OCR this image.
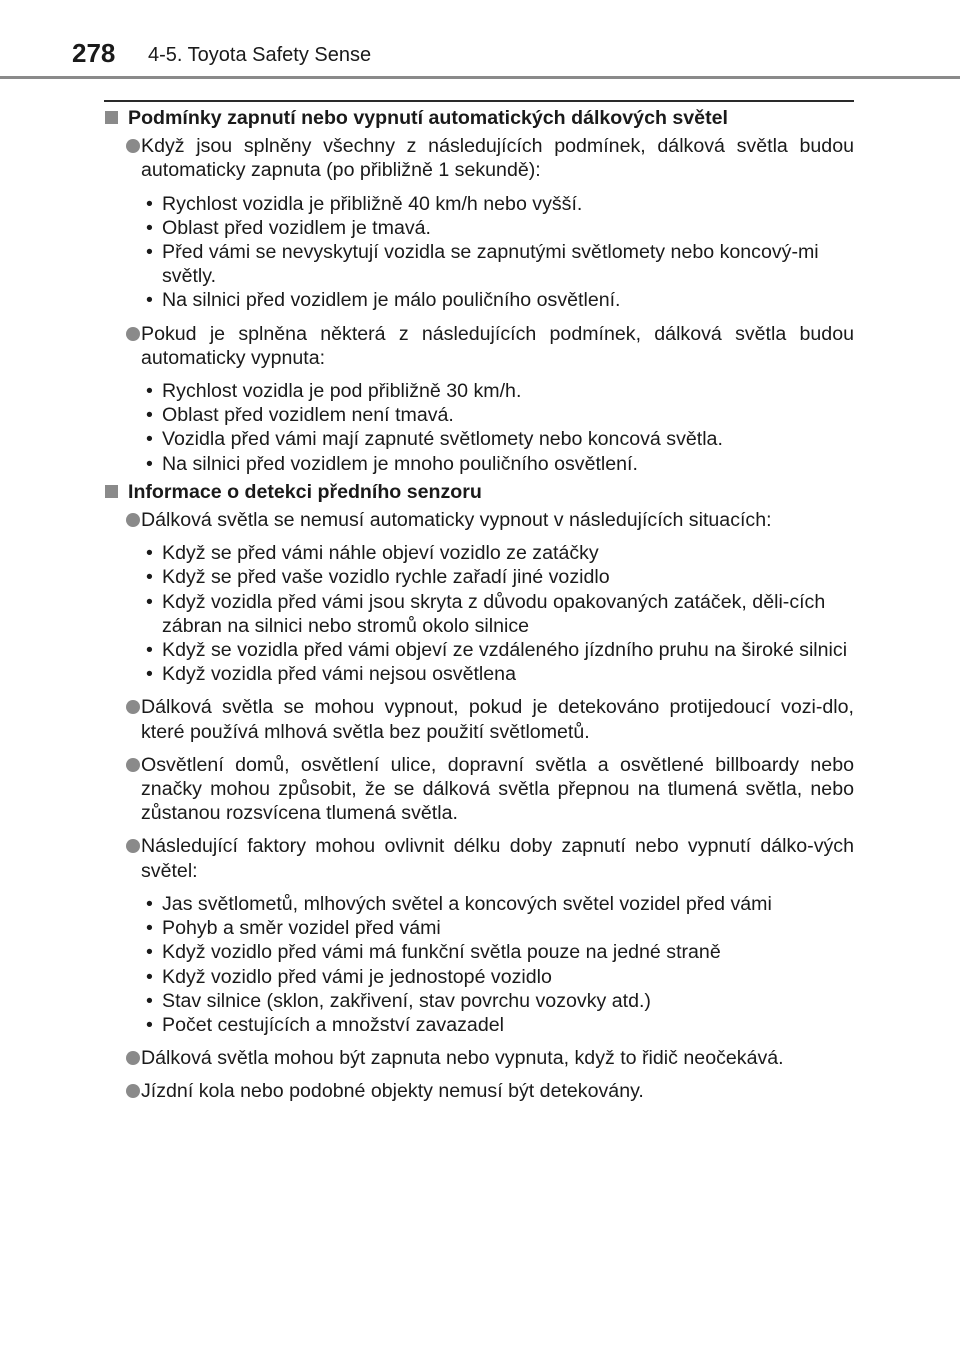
278 4-5. Toyota Safety Sense
Podmínky zapnutí nebo vypnutí automatických dálkových světel
Když jsou splněny všechny z následujících podmínek, dálková světla budou automaticky zapnuta (po přibližně 1 sekundě):
• Rychlost vozidla je přibližně 40 km/h nebo vyšší.
• Oblast před vozidlem je tmavá.
• Před vámi se nevyskytují vozidla se zapnutými světlomety nebo koncový-mi světly.
• Na silnici před vozidlem je málo pouličního osvětlení.
Pokud je splněna některá z následujících podmínek, dálková světla budou automaticky vypnuta:
• Rychlost vozidla je pod přibližně 30 km/h.
• Oblast před vozidlem není tmavá.
• Vozidla před vámi mají zapnuté světlomety nebo koncová světla.
• Na silnici před vozidlem je mnoho pouličního osvětlení.
Informace o detekci předního senzoru
Dálková světla se nemusí automaticky vypnout v následujících situacích:
• Když se před vámi náhle objeví vozidlo ze zatáčky
• Když se před vaše vozidlo rychle zařadí jiné vozidlo
• Když vozidla před vámi jsou skryta z důvodu opakovaných zatáček, děli-cích zábran na silnici nebo stromů okolo silnice
• Když se vozidla před vámi objeví ze vzdáleného jízdního pruhu na široké silnici
• Když vozidla před vámi nejsou osvětlena
Dálková světla se mohou vypnout, pokud je detekováno protijedoucí vozi-dlo, které používá mlhová světla bez použití světlometů.
Osvětlení domů, osvětlení ulice, dopravní světla a osvětlené billboardy nebo značky mohou způsobit, že se dálková světla přepnou na tlumená světla, nebo zůstanou rozsvícena tlumená světla.
Následující faktory mohou ovlivnit délku doby zapnutí nebo vypnutí dálko-vých světel:
• Jas světlometů, mlhových světel a koncových světel vozidel před vámi
• Pohyb a směr vozidel před vámi
• Když vozidlo před vámi má funkční světla pouze na jedné straně
• Když vozidlo před vámi je jednostopé vozidlo
• Stav silnice (sklon, zakřivení, stav povrchu vozovky atd.)
• Počet cestujících a množství zavazadel
Dálková světla mohou být zapnuta nebo vypnuta, když to řidič neočekává.
Jízdní kola nebo podobné objekty nemusí být detekovány.
